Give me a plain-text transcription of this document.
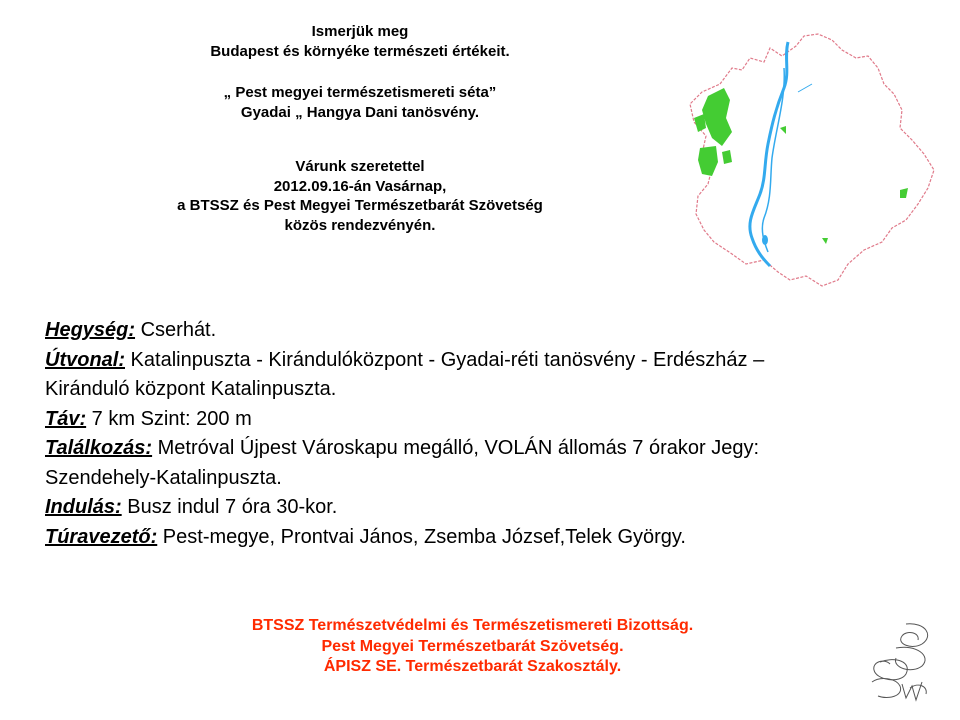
Ismerjük meg

Budapest és környéke természeti értékeit.

„ Pest megyei természetismereti séta”

Gyadai „ Hangya Dani tanösvény.

Várunk szeretettel

2012.09.16-án Vasárnap,

a BTSSZ és Pest Megyei Természetbarát Szövetség

közös rendezvényén.

Hegység: Cserhát.

Útvonal: Katalinpuszta - Kirándulóközpont - Gyadai-réti tanösvény - Erdészház –

Kiránduló központ Katalinpuszta.

Táv: 7 km Szint: 200 m

Találkozás: Metróval Újpest Városkapu megálló, VOLÁN állomás 7 órakor Jegy:

Szendehely-Katalinpuszta.

Indulás: Busz indul 7 óra 30-kor.

Túravezető: Pest-megye, Prontvai János, Zsemba József,Telek György.

BTSSZ Természetvédelmi és Természetismereti Bizottság.

Pest Megyei Természetbarát Szövetség.

ÁPISZ SE. Természetbarát Szakosztály.
